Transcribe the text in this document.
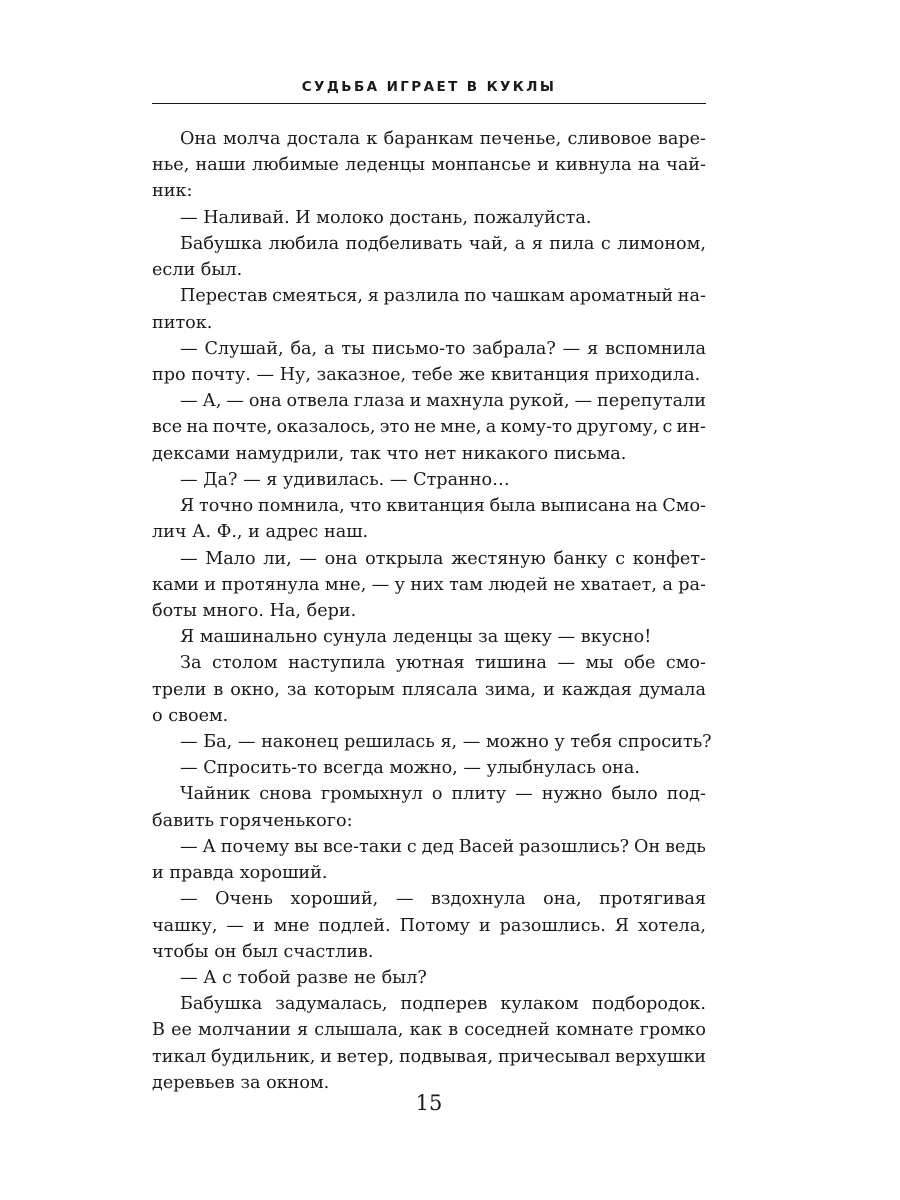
СУДЬБА ИГРАЕТ В КУКЛЫ
Она молча достала к баранкам печенье, сливовое варе-
нье, наши любимые леденцы монпансье и кивнула на чай-
ник:
— Наливай. И молоко достань, пожалуйста.
Бабушка любила подбеливать чай, а я пила с лимоном,
если был.
Перестав смеяться, я разлила по чашкам ароматный на-
питок.
— Слушай, ба, а ты письмо-то забрала? — я вспомнила
про почту. — Ну, заказное, тебе же квитанция приходила.
— А, — она отвела глаза и махнула рукой, — перепутали
все на почте, оказалось, это не мне, а кому-то другому, с ин-
дексами намудрили, так что нет никакого письма.
— Да? — я удивилась. — Странно…
Я точно помнила, что квитанция была выписана на Смо-
лич А. Ф., и адрес наш.
— Мало ли, — она открыла жестяную банку с конфет-
ками и протянула мне, — у них там людей не хватает, а ра-
боты много. На, бери.
Я машинально сунула леденцы за щеку — вкусно!
За столом наступила уютная тишина — мы обе смо-
трели в окно, за которым плясала зима, и каждая думала
о своем.
— Ба, — наконец решилась я, — можно у тебя спросить?
— Спросить-то всегда можно, — улыбнулась она.
Чайник снова громыхнул о плиту — нужно было под-
бавить горяченького:
— А почему вы все-таки с дед Васей разошлись? Он ведь
и правда хороший.
— Очень хороший, — вздохнула она, протягивая
чашку, — и мне подлей. Потому и разошлись. Я хотела,
чтобы он был счастлив.
— А с тобой разве не был?
Бабушка задумалась, подперев кулаком подбородок.
В ее молчании я слышала, как в соседней комнате громко
тикал будильник, и ветер, подвывая, причесывал верхушки
деревьев за окном.
15
